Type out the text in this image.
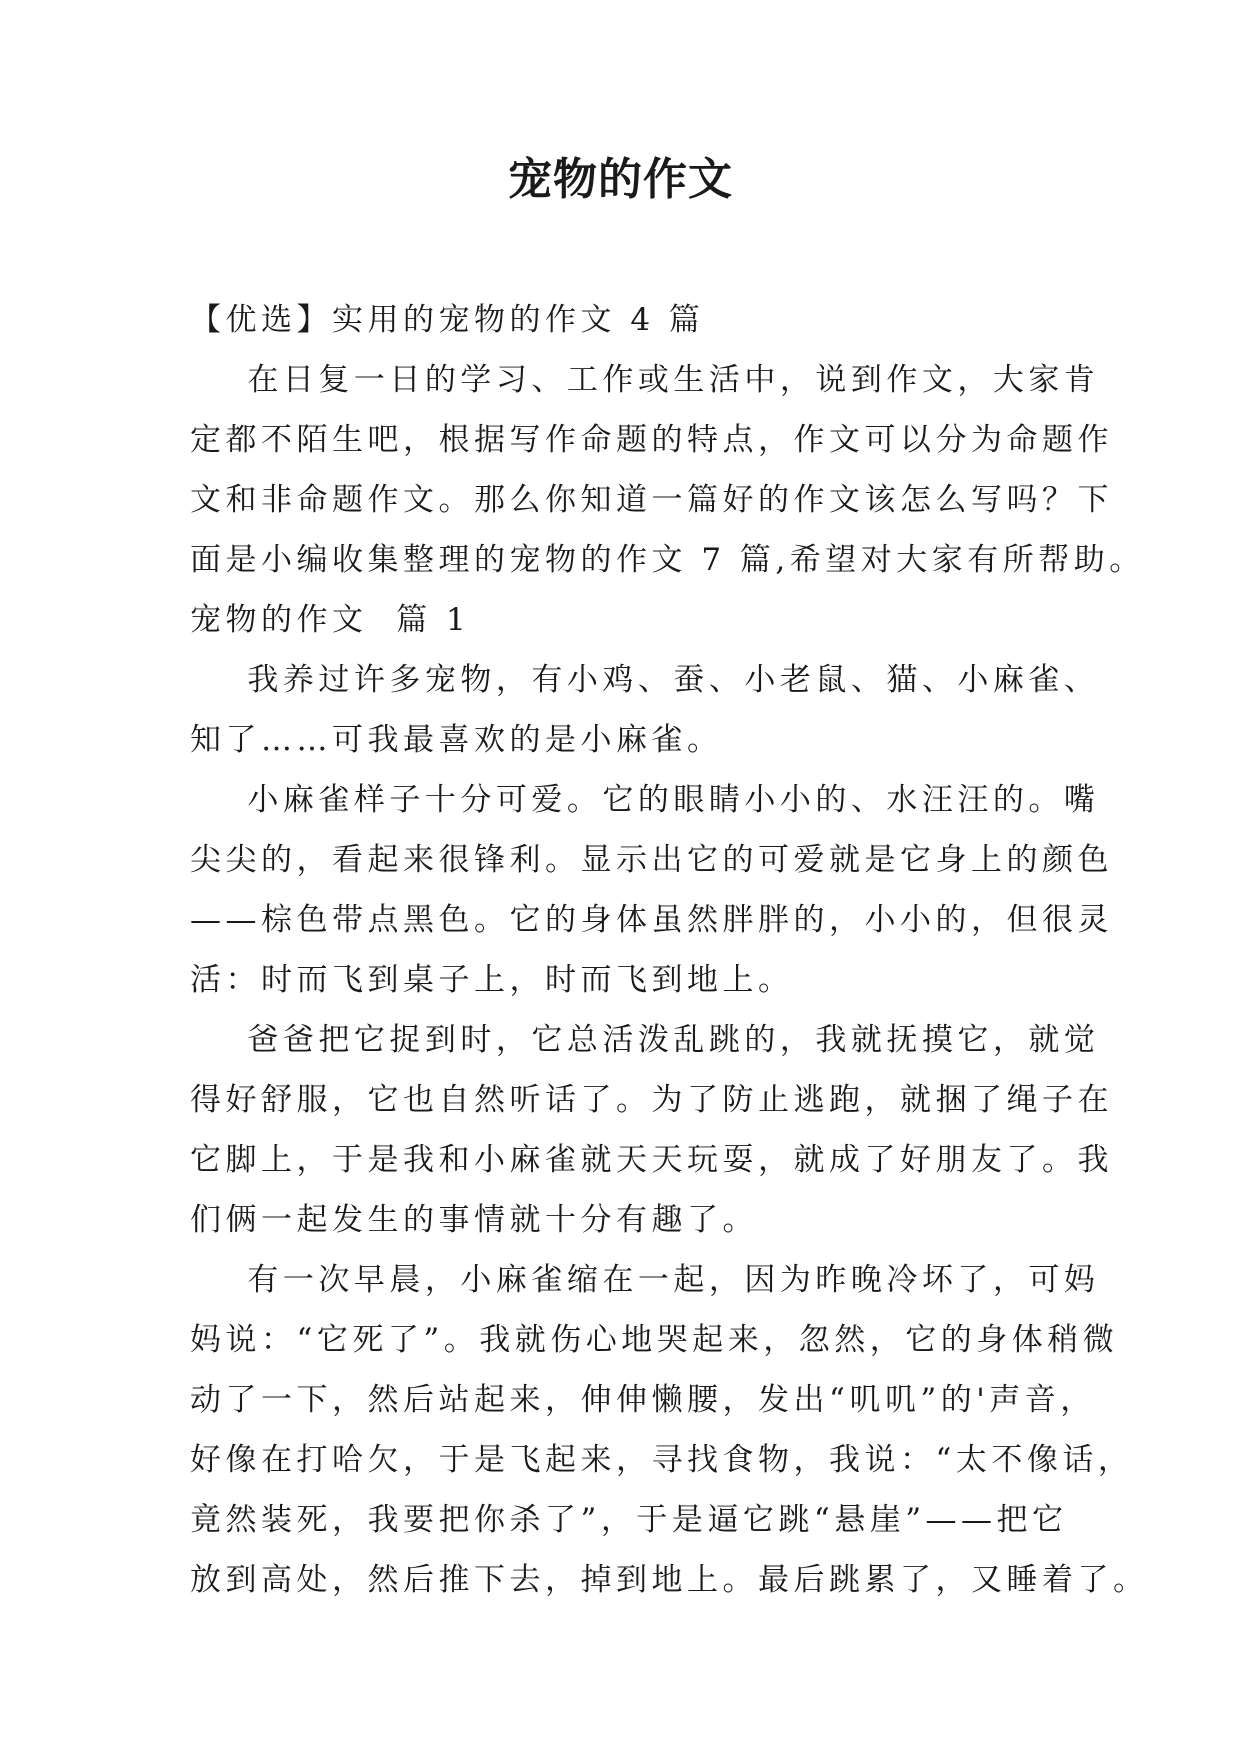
宠物的作文
【优选】实用的宠物的作文 4 篇
在日复一日的学习、工作或生活中，说到作文，大家肯
定都不陌生吧，根据写作命题的特点，作文可以分为命题作
文和非命题作文。那么你知道一篇好的作文该怎么写吗？下
面是小编收集整理的宠物的作文 7 篇,希望对大家有所帮助。
宠物的作文  篇 1
我养过许多宠物，有小鸡、蚕、小老鼠、猫、小麻雀、
知了……可我最喜欢的是小麻雀。
小麻雀样子十分可爱。它的眼睛小小的、水汪汪的。嘴
尖尖的，看起来很锋利。显示出它的可爱就是它身上的颜色
——棕色带点黑色。它的身体虽然胖胖的，小小的，但很灵
活：时而飞到桌子上，时而飞到地上。
爸爸把它捉到时，它总活泼乱跳的，我就抚摸它，就觉
得好舒服，它也自然听话了。为了防止逃跑，就捆了绳子在
它脚上，于是我和小麻雀就天天玩耍，就成了好朋友了。我
们俩一起发生的事情就十分有趣了。
有一次早晨，小麻雀缩在一起，因为昨晚冷坏了，可妈
妈说：“它死了”。我就伤心地哭起来，忽然，它的身体稍微
动了一下，然后站起来，伸伸懒腰，发出“叽叽”的'声音，
好像在打哈欠，于是飞起来，寻找食物，我说：“太不像话，
竟然装死，我要把你杀了”，于是逼它跳“悬崖”——把它
放到高处，然后推下去，掉到地上。最后跳累了，又睡着了。
